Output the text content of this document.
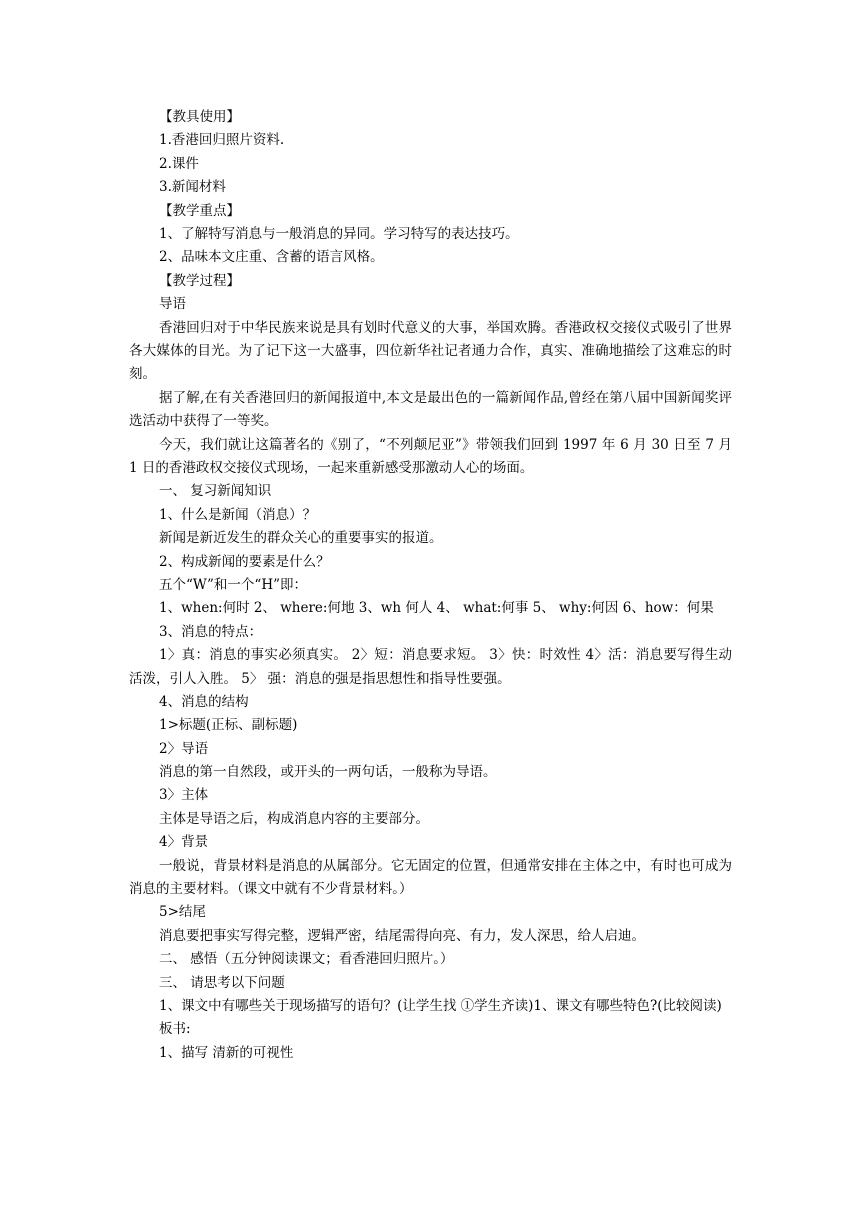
【教具使用】

1.香港回归照片资料.

2.课件

3.新闻材料

【教学重点】

1、了解特写消息与一般消息的异同。学习特写的表达技巧。

2、品味本文庄重、含蓄的语言风格。

【教学过程】

导语

香港回归对于中华民族来说是具有划时代意义的大事，举国欢腾。香港政权交接仪式吸引了世界各大媒体的目光。为了记下这一大盛事，四位新华社记者通力合作，真实、准确地描绘了这难忘的时刻。

据了解,在有关香港回归的新闻报道中,本文是最出色的一篇新闻作品,曾经在第八届中国新闻奖评选活动中获得了一等奖。

今天，我们就让这篇著名的《别了，“不列颠尼亚”》带领我们回到 1997 年 6 月 30 日至 7 月 1 日的香港政权交接仪式现场，一起来重新感受那激动人心的场面。

一、 复习新闻知识

1、什么是新闻（消息）？

新闻是新近发生的群众关心的重要事实的报道。

2、构成新闻的要素是什么？

五个“W”和一个“H”即：

1、when:何时 2、 where:何地 3、wh 何人 4、 what:何事 5、 why:何因 6、how：何果

3、消息的特点：

1〉真：消息的事实必须真实。 2〉短：消息要求短。 3〉快：时效性 4〉活：消息要写得生动活泼，引人入胜。 5〉 强：消息的强是指思想性和指导性要强。

4、消息的结构

1>标题(正标、副标题)

2〉导语

消息的第一自然段，或开头的一两句话，一般称为导语。

3〉主体

主体是导语之后，构成消息内容的主要部分。

4〉背景

一般说，背景材料是消息的从属部分。它无固定的位置，但通常安排在主体之中，有时也可成为消息的主要材料。（课文中就有不少背景材料。）

5>结尾

消息要把事实写得完整，逻辑严密，结尾需得向亮、有力，发人深思，给人启迪。

二、 感悟（五分钟阅读课文；看香港回归照片。）

三、 请思考以下问题

1、课文中有哪些关于现场描写的语句？(让学生找 ①学生齐读)1、课文有哪些特色?(比较阅读)

板书:

1、描写 清新的可视性
